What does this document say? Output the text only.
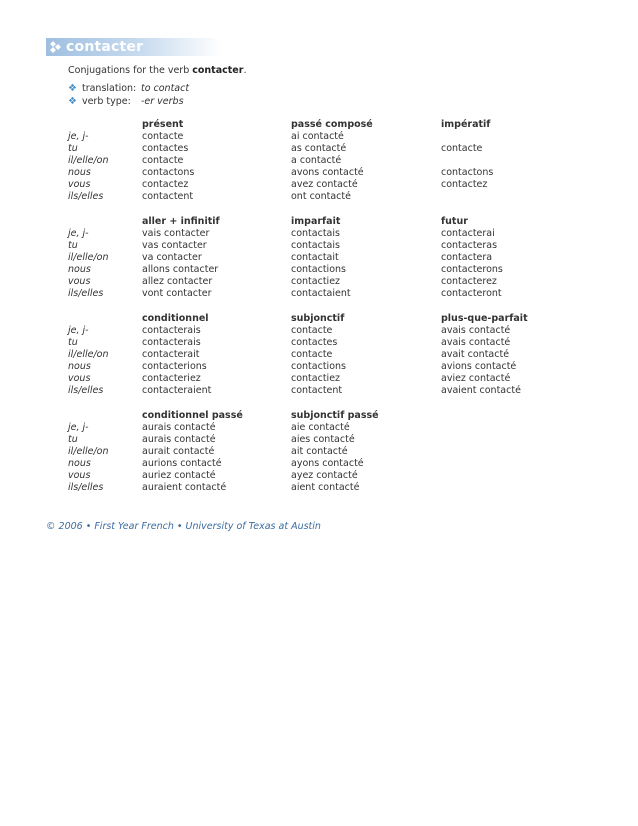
contacter
Conjugations for the verb contacter.
❖ translation: to contact
❖ verb type: -er verbs
présent	passé composé	impératif
je, j-	contacte	ai contacté
tu	contactes	as contacté	contacte
il/elle/on	contacte	a contacté
nous	contactons	avons contacté	contactons
vous	contactez	avez contacté	contactez
ils/elles	contactent	ont contacté
aller + infinitif	imparfait	futur
je, j-	vais contacter	contactais	contacterai
tu	vas contacter	contactais	contacteras
il/elle/on	va contacter	contactait	contactera
nous	allons contacter	contactions	contacterons
vous	allez contacter	contactiez	contacterez
ils/elles	vont contacter	contactaient	contacteront
conditionnel	subjonctif	plus-que-parfait
je, j-	contacterais	contacte	avais contacté
tu	contacterais	contactes	avais contacté
il/elle/on	contacterait	contacte	avait contacté
nous	contacterions	contactions	avions contacté
vous	contacteriez	contactiez	aviez contacté
ils/elles	contacteraient	contactent	avaient contacté
conditionnel passé	subjonctif passé
je, j-	aurais contacté	aie contacté
tu	aurais contacté	aies contacté
il/elle/on	aurait contacté	ait contacté
nous	aurions contacté	ayons contacté
vous	auriez contacté	ayez contacté
ils/elles	auraient contacté	aient contacté
© 2006 • First Year French • University of Texas at Austin
